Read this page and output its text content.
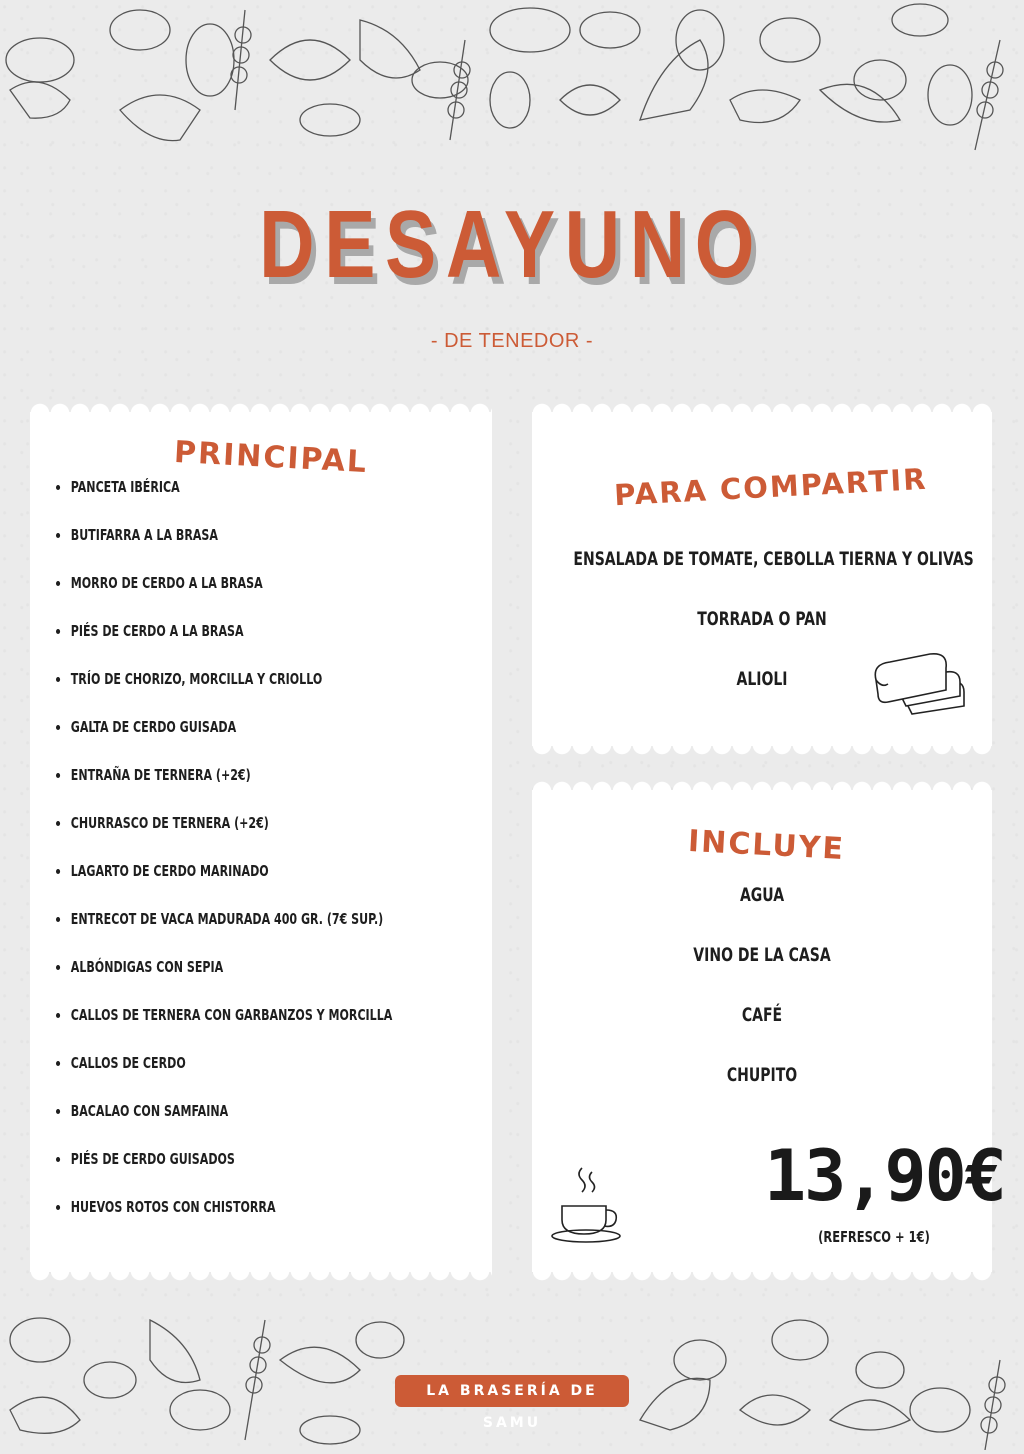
DESAYUNO
- DE TENEDOR -
PRINCIPAL
PANCETA IBÉRICA
BUTIFARRA A LA BRASA
MORRO DE CERDO A LA BRASA
PIÉS DE CERDO A LA BRASA
TRÍO DE CHORIZO, MORCILLA Y CRIOLLO
GALTA DE CERDO GUISADA
ENTRAÑA DE TERNERA (+2€)
CHURRASCO DE TERNERA (+2€)
LAGARTO DE CERDO MARINADO
ENTRECOT DE VACA MADURADA 400 GR. (7€ SUP.)
ALBÓNDIGAS CON SEPIA
CALLOS DE TERNERA CON GARBANZOS Y MORCILLA
CALLOS DE CERDO
BACALAO CON SAMFAINA
PIÉS DE CERDO GUISADOS
HUEVOS ROTOS CON CHISTORRA
PARA COMPARTIR
ENSALADA DE TOMATE, CEBOLLA TIERNA Y OLIVAS
TORRADA O PAN
ALIOLI
INCLUYE
AGUA
VINO DE LA CASA
CAFÉ
CHUPITO
13,90€
(REFRESCO + 1€)
LA BRASERÍA DE SAMU
